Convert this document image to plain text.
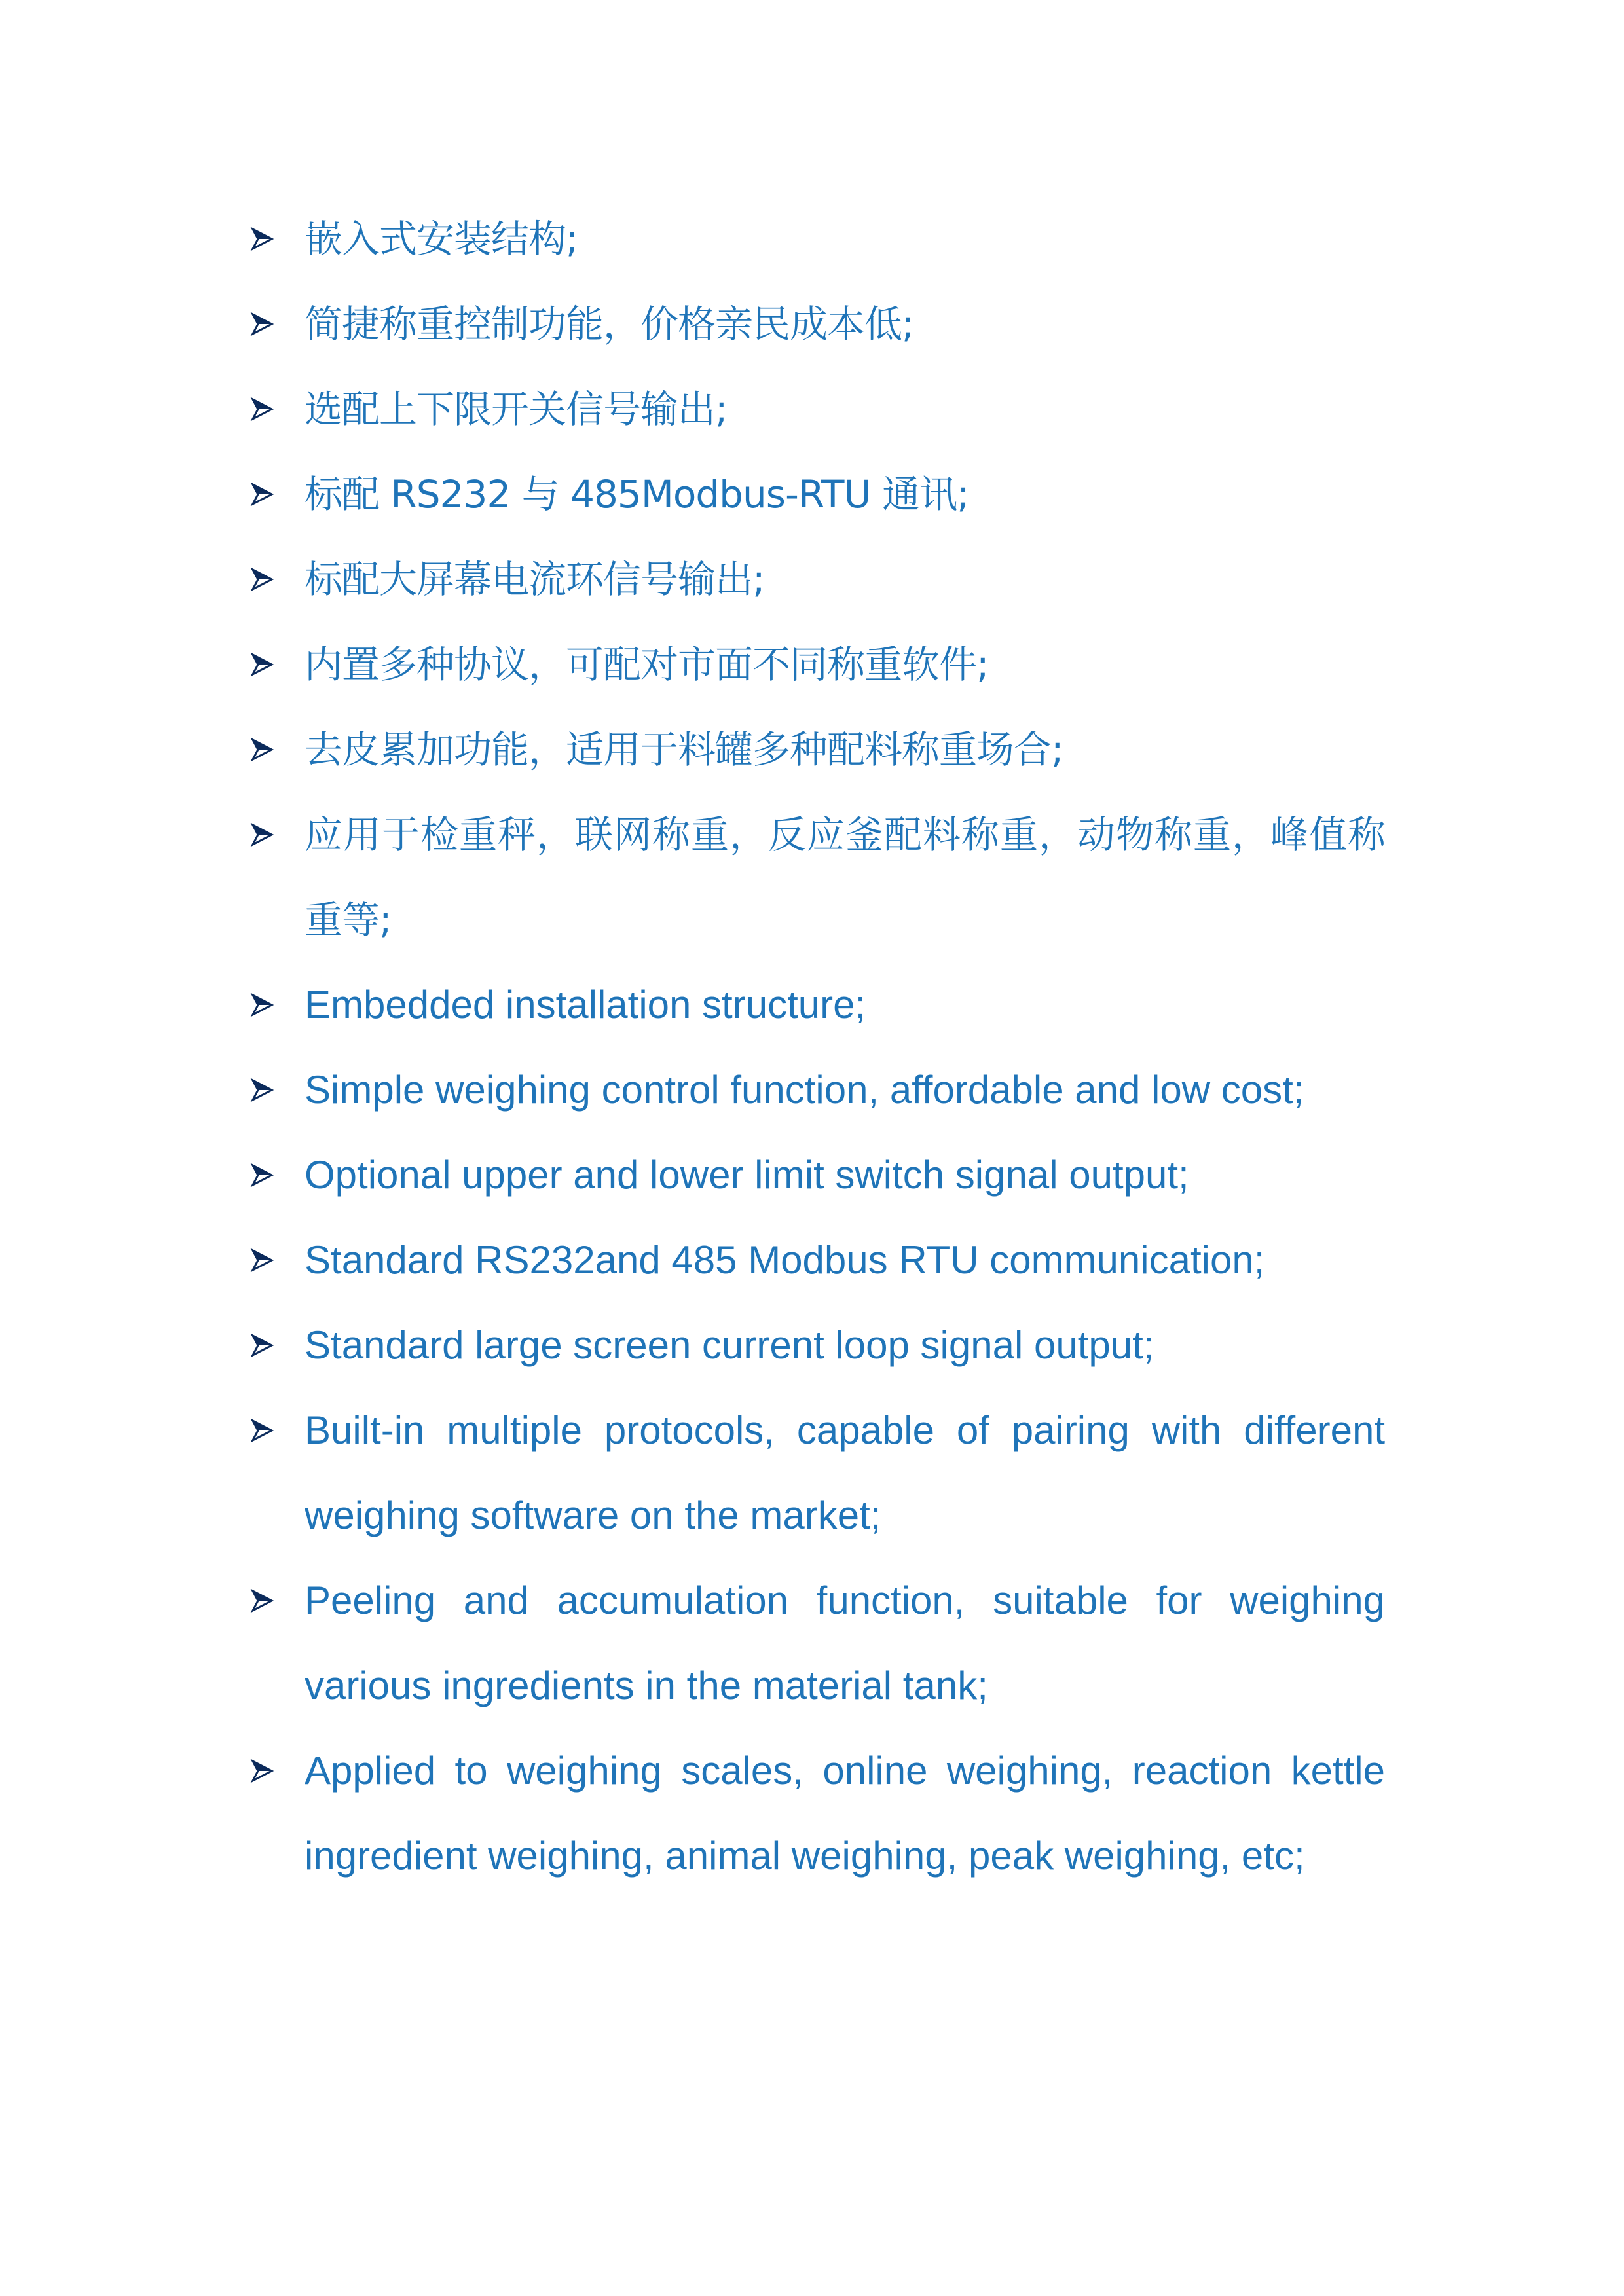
嵌入式安装结构;
简捷称重控制功能，价格亲民成本低;
选配上下限开关信号输出;
标配 RS232 与 485Modbus-RTU 通讯;
标配大屏幕电流环信号输出;
内置多种协议，可配对市面不同称重软件;
去皮累加功能，适用于料罐多种配料称重场合;
应用于检重秤，联网称重，反应釜配料称重，动物称重，峰值称重等;
Embedded installation structure;
Simple weighing control function, affordable and low cost;
Optional upper and lower limit switch signal output;
Standard RS232and 485 Modbus RTU communication;
Standard large screen current loop signal output;
Built-in multiple protocols, capable of pairing with different weighing software on the market;
Peeling and accumulation function, suitable for weighing various ingredients in the material tank;
Applied to weighing scales, online weighing, reaction kettle ingredient weighing, animal weighing, peak weighing, etc;
